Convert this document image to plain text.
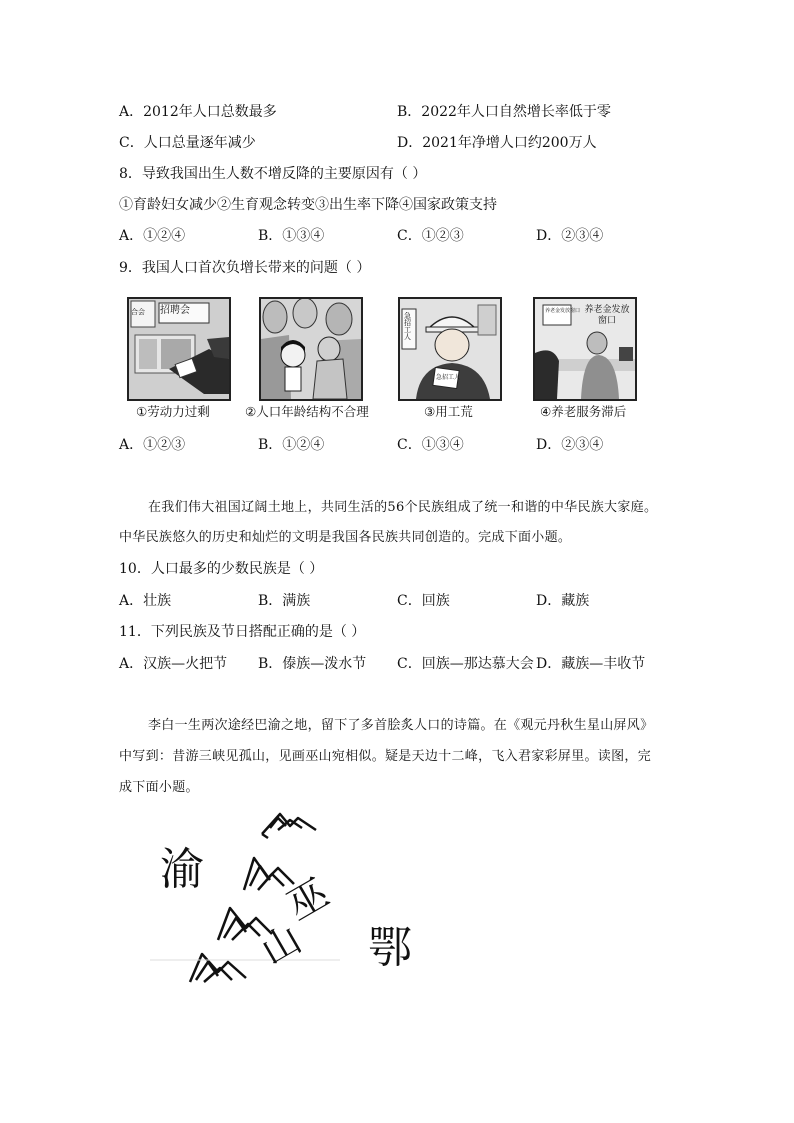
A．2012年人口总数最多	B．2022年人口自然增长率低于零
C．人口总量逐年减少	D．2021年净增人口约200万人
8．导致我国出生人数不增反降的主要原因有（ ）
①育龄妇女减少②生育观念转变③出生率下降④国家政策支持
A．①②④	B．①③④	C．①②③	D．②③④
9．我国人口首次负增长带来的问题（ ）
招聘会
合会
①劳动力过剩	②人口年龄结构不合理
急招工人
急招工人
③用工荒
养老金发放窗口 养老金发放窗口
④养老服务滞后
A．①②③	B．①②④	C．①③④	D．②③④
在我们伟大祖国辽阔土地上，共同生活的56个民族组成了统一和谐的中华民族大家庭。
中华民族悠久的历史和灿烂的文明是我国各民族共同创造的。完成下面小题。
10．人口最多的少数民族是（ ）
A．壮族	B．满族	C．回族	D．藏族
11．下列民族及节日搭配正确的是（ ）
A．汉族—火把节 B．傣族—泼水节 C．回族—那达慕大会 D．藏族—丰收节
李白一生两次途经巴渝之地，留下了多首脍炙人口的诗篇。在《观元丹秋生星山屏风》
中写到：昔游三峡见孤山，见画巫山宛相似。疑是天边十二峰，飞入君家彩屏里。读图，完
成下面小题。
渝
巫
山 鄂
